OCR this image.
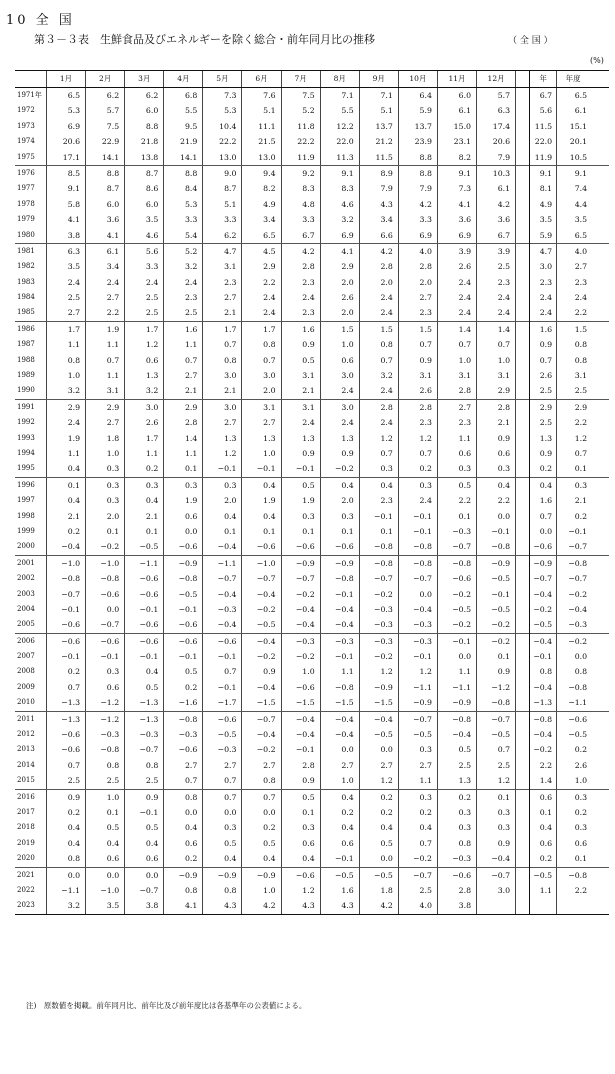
10 全 国
第３－３表　生鮮食品及びエネルギーを除く総合・前年同月比の推移	（ 全 国 ）
(%)
1月	2月	3月	4月	5月	6月	7月	8月	9月	10月	11月	12月	年	年度
1971年	6.5	6.2	6.2	6.8	7.3	7.6	7.5	7.1	7.1	6.4	6.0	5.7	6.7	6.5
1972	5.3	5.7	6.0	5.5	5.3	5.1	5.2	5.5	5.1	5.9	6.1	6.3	5.6	6.1
1973	6.9	7.5	8.8	9.5	10.4	11.1	11.8	12.2	13.7	13.7	15.0	17.4	11.5	15.1
1974	20.6	22.9	21.8	21.9	22.2	21.5	22.2	22.0	21.2	23.9	23.1	20.6	22.0	20.1
1975	17.1	14.1	13.8	14.1	13.0	13.0	11.9	11.3	11.5	8.8	8.2	7.9	11.9	10.5
1976	8.5	8.8	8.7	8.8	9.0	9.4	9.2	9.1	8.9	8.8	9.1	10.3	9.1	9.1
1977	9.1	8.7	8.6	8.4	8.7	8.2	8.3	8.3	7.9	7.9	7.3	6.1	8.1	7.4
1978	5.8	6.0	6.0	5.3	5.1	4.9	4.8	4.6	4.3	4.2	4.1	4.2	4.9	4.4
1979	4.1	3.6	3.5	3.3	3.3	3.4	3.3	3.2	3.4	3.3	3.6	3.6	3.5	3.5
1980	3.8	4.1	4.6	5.4	6.2	6.5	6.7	6.9	6.6	6.9	6.9	6.7	5.9	6.5
1981	6.3	6.1	5.6	5.2	4.7	4.5	4.2	4.1	4.2	4.0	3.9	3.9	4.7	4.0
1982	3.5	3.4	3.3	3.2	3.1	2.9	2.8	2.9	2.8	2.8	2.6	2.5	3.0	2.7
1983	2.4	2.4	2.4	2.4	2.3	2.2	2.3	2.0	2.0	2.0	2.4	2.3	2.3	2.3
1984	2.5	2.7	2.5	2.3	2.7	2.4	2.4	2.6	2.4	2.7	2.4	2.4	2.4	2.4
1985	2.7	2.2	2.5	2.5	2.1	2.4	2.3	2.0	2.4	2.3	2.4	2.4	2.4	2.2
1986	1.7	1.9	1.7	1.6	1.7	1.7	1.6	1.5	1.5	1.5	1.4	1.4	1.6	1.5
1987	1.1	1.1	1.2	1.1	0.7	0.8	0.9	1.0	0.8	0.7	0.7	0.7	0.9	0.8
1988	0.8	0.7	0.6	0.7	0.8	0.7	0.5	0.6	0.7	0.9	1.0	1.0	0.7	0.8
1989	1.0	1.1	1.3	2.7	3.0	3.0	3.1	3.0	3.2	3.1	3.1	3.1	2.6	3.1
1990	3.2	3.1	3.2	2.1	2.1	2.0	2.1	2.4	2.4	2.6	2.8	2.9	2.5	2.5
1991	2.9	2.9	3.0	2.9	3.0	3.1	3.1	3.0	2.8	2.8	2.7	2.8	2.9	2.9
1992	2.4	2.7	2.6	2.8	2.7	2.7	2.4	2.4	2.4	2.3	2.3	2.1	2.5	2.2
1993	1.9	1.8	1.7	1.4	1.3	1.3	1.3	1.3	1.2	1.2	1.1	0.9	1.3	1.2
1994	1.1	1.0	1.1	1.1	1.2	1.0	0.9	0.9	0.7	0.7	0.6	0.6	0.9	0.7
1995	0.4	0.3	0.2	0.1	−0.1	−0.1	−0.1	−0.2	0.3	0.2	0.3	0.3	0.2	0.1
1996	0.1	0.3	0.3	0.3	0.3	0.4	0.5	0.4	0.4	0.3	0.5	0.4	0.4	0.3
1997	0.4	0.3	0.4	1.9	2.0	1.9	1.9	2.0	2.3	2.4	2.2	2.2	1.6	2.1
1998	2.1	2.0	2.1	0.6	0.4	0.4	0.3	0.3	−0.1	−0.1	0.1	0.0	0.7	0.2
1999	0.2	0.1	0.1	0.0	0.1	0.1	0.1	0.1	0.1	−0.1	−0.3	−0.1	0.0	−0.1
2000	−0.4	−0.2	−0.5	−0.6	−0.4	−0.6	−0.6	−0.6	−0.8	−0.8	−0.7	−0.8	−0.6	−0.7
2001	−1.0	−1.0	−1.1	−0.9	−1.1	−1.0	−0.9	−0.9	−0.8	−0.8	−0.8	−0.9	−0.9	−0.8
2002	−0.8	−0.8	−0.6	−0.8	−0.7	−0.7	−0.7	−0.8	−0.7	−0.7	−0.6	−0.5	−0.7	−0.7
2003	−0.7	−0.6	−0.6	−0.5	−0.4	−0.4	−0.2	−0.1	−0.2	0.0	−0.2	−0.1	−0.4	−0.2
2004	−0.1	0.0	−0.1	−0.1	−0.3	−0.2	−0.4	−0.4	−0.3	−0.4	−0.5	−0.5	−0.2	−0.4
2005	−0.6	−0.7	−0.6	−0.6	−0.4	−0.5	−0.4	−0.4	−0.3	−0.3	−0.2	−0.2	−0.5	−0.3
2006	−0.6	−0.6	−0.6	−0.6	−0.6	−0.4	−0.3	−0.3	−0.3	−0.3	−0.1	−0.2	−0.4	−0.2
2007	−0.1	−0.1	−0.1	−0.1	−0.1	−0.2	−0.2	−0.1	−0.2	−0.1	0.0	0.1	−0.1	0.0
2008	0.2	0.3	0.4	0.5	0.7	0.9	1.0	1.1	1.2	1.2	1.1	0.9	0.8	0.8
2009	0.7	0.6	0.5	0.2	−0.1	−0.4	−0.6	−0.8	−0.9	−1.1	−1.1	−1.2	−0.4	−0.8
2010	−1.3	−1.2	−1.3	−1.6	−1.7	−1.5	−1.5	−1.5	−1.5	−0.9	−0.9	−0.8	−1.3	−1.1
2011	−1.3	−1.2	−1.3	−0.8	−0.6	−0.7	−0.4	−0.4	−0.4	−0.7	−0.8	−0.7	−0.8	−0.6
2012	−0.6	−0.3	−0.3	−0.3	−0.5	−0.4	−0.4	−0.4	−0.5	−0.5	−0.4	−0.5	−0.4	−0.5
2013	−0.6	−0.8	−0.7	−0.6	−0.3	−0.2	−0.1	0.0	0.0	0.3	0.5	0.7	−0.2	0.2
2014	0.7	0.8	0.8	2.7	2.7	2.7	2.8	2.7	2.7	2.7	2.5	2.5	2.2	2.6
2015	2.5	2.5	2.5	0.7	0.7	0.8	0.9	1.0	1.2	1.1	1.3	1.2	1.4	1.0
2016	0.9	1.0	0.9	0.8	0.7	0.7	0.5	0.4	0.2	0.3	0.2	0.1	0.6	0.3
2017	0.2	0.1	−0.1	0.0	0.0	0.0	0.1	0.2	0.2	0.2	0.3	0.3	0.1	0.2
2018	0.4	0.5	0.5	0.4	0.3	0.2	0.3	0.4	0.4	0.4	0.3	0.3	0.4	0.3
2019	0.4	0.4	0.4	0.6	0.5	0.5	0.6	0.6	0.5	0.7	0.8	0.9	0.6	0.6
2020	0.8	0.6	0.6	0.2	0.4	0.4	0.4	−0.1	0.0	−0.2	−0.3	−0.4	0.2	0.1
2021	0.0	0.0	0.0	−0.9	−0.9	−0.9	−0.6	−0.5	−0.5	−0.7	−0.6	−0.7	−0.5	−0.8
2022	−1.1	−1.0	−0.7	0.8	0.8	1.0	1.2	1.6	1.8	2.5	2.8	3.0	1.1	2.2
2023	3.2	3.5	3.8	4.1	4.3	4.2	4.3	4.3	4.2	4.0	3.8
注)　原数値を掲載。前年同月比、前年比及び前年度比は各基準年の公表値による。
